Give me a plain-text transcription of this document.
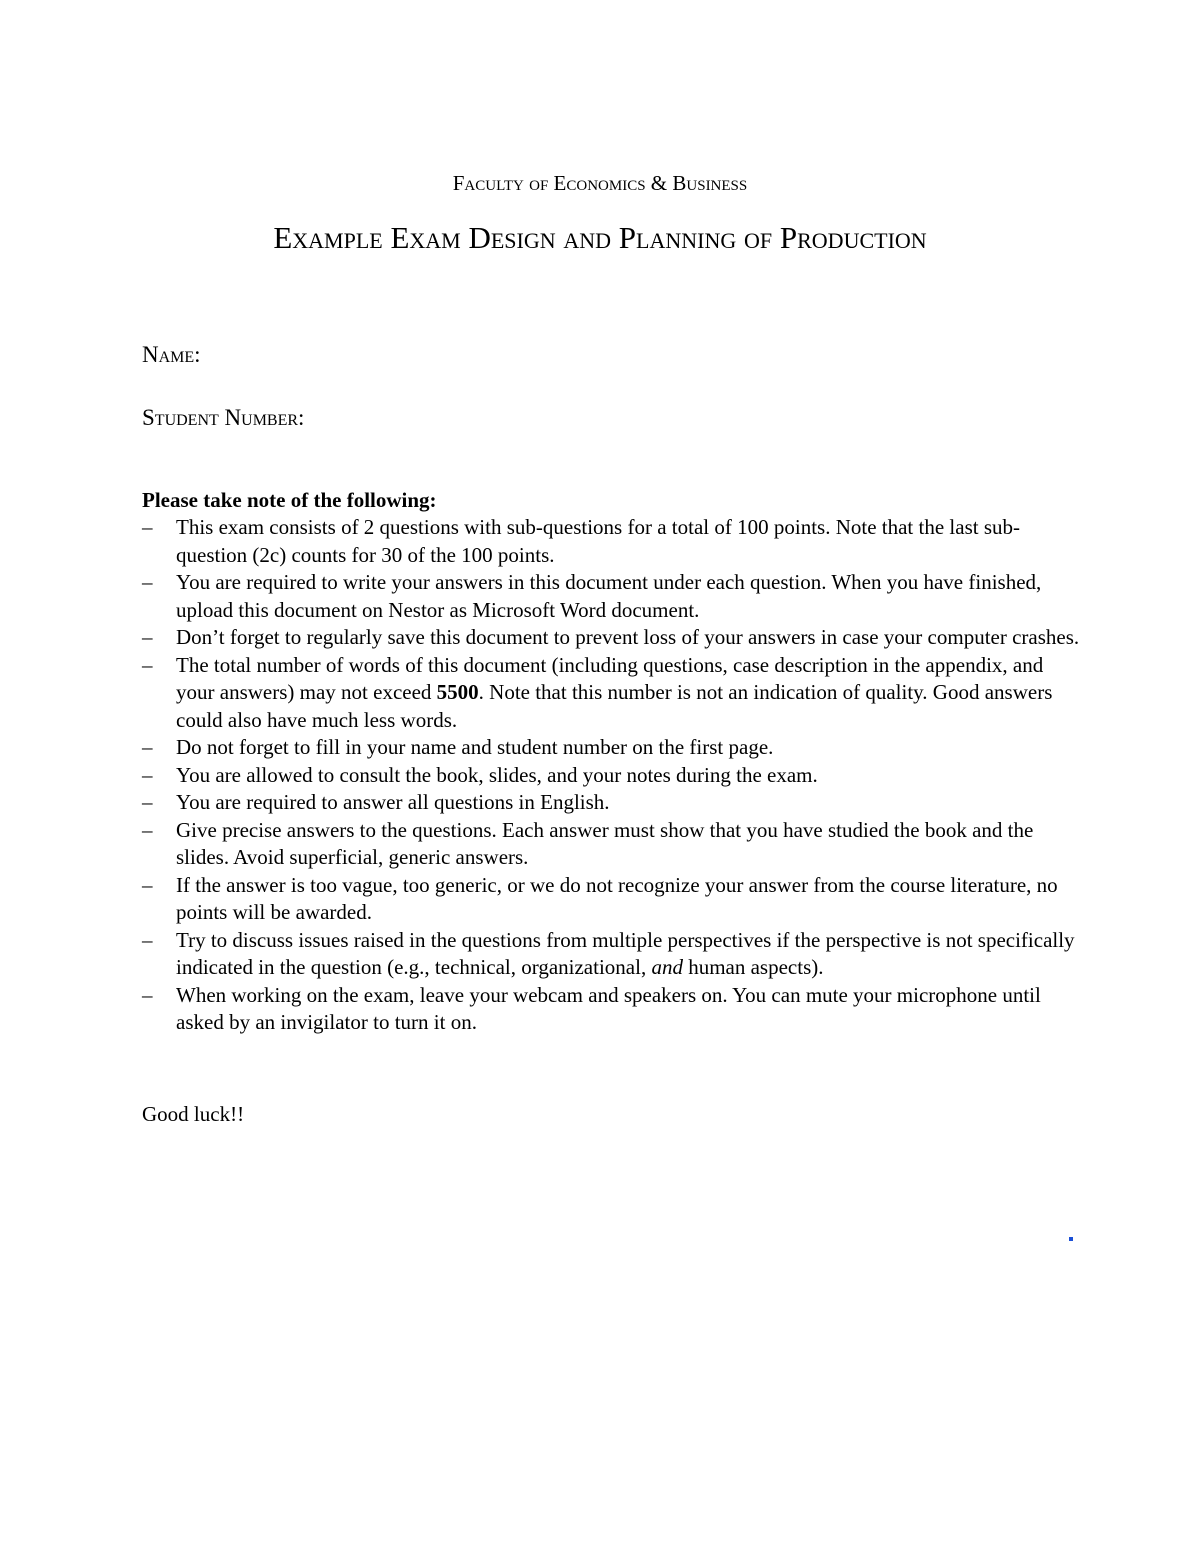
Faculty of Economics & Business
Example Exam Design and Planning of Production
Name:
Student Number:
Please take note of the following:
– This exam consists of 2 questions with sub-questions for a total of 100 points. Note that the last sub-question (2c) counts for 30 of the 100 points.
– You are required to write your answers in this document under each question. When you have finished, upload this document on Nestor as Microsoft Word document.
– Don’t forget to regularly save this document to prevent loss of your answers in case your computer crashes.
– The total number of words of this document (including questions, case description in the appendix, and your answers) may not exceed 5500. Note that this number is not an indication of quality. Good answers could also have much less words.
– Do not forget to fill in your name and student number on the first page.
– You are allowed to consult the book, slides, and your notes during the exam.
– You are required to answer all questions in English.
– Give precise answers to the questions. Each answer must show that you have studied the book and the slides. Avoid superficial, generic answers.
– If the answer is too vague, too generic, or we do not recognize your answer from the course literature, no points will be awarded.
– Try to discuss issues raised in the questions from multiple perspectives if the perspective is not specifically indicated in the question (e.g., technical, organizational, and human aspects).
– When working on the exam, leave your webcam and speakers on. You can mute your microphone until asked by an invigilator to turn it on.
Good luck!!
